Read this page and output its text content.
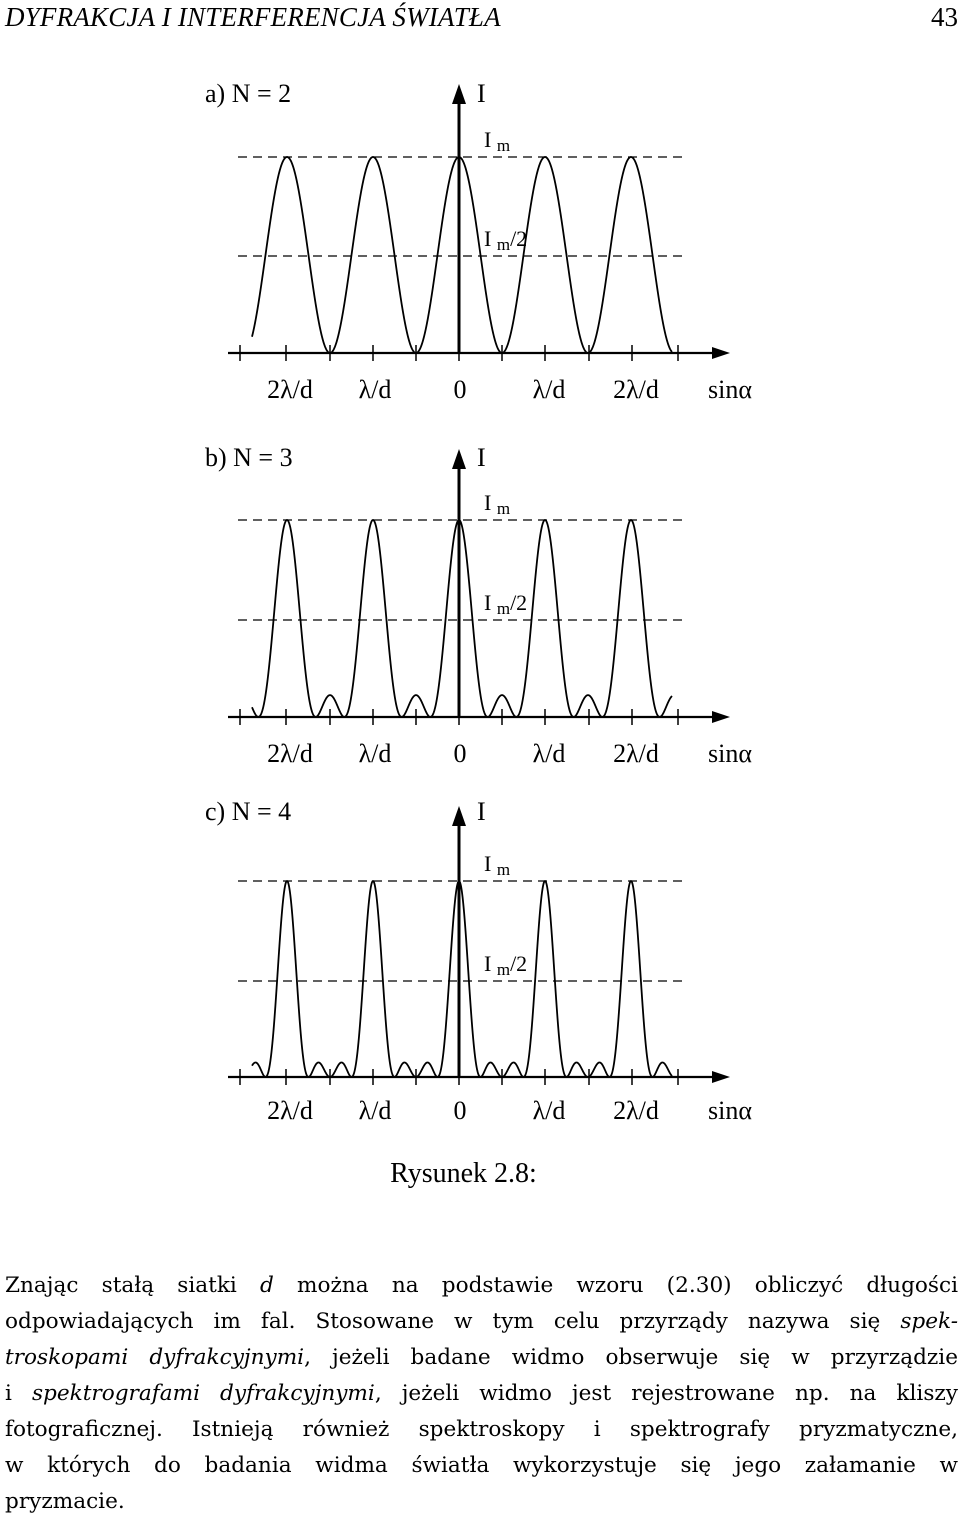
DYFRAKCJA I INTERFERENCJA ŚWIATŁA	43
a) N = 2	I
I m
I m/2
2λ/d λ/d 0	λ/d 2λ/d sinα
b) N = 3	I
I m
I m/2
2λ/d λ/d 0	λ/d 2λ/d sinα
c) N = 4	I
I m
I m/2
2λ/d λ/d 0	λ/d 2λ/d sinα
Rysunek 2.8:
Znając stałą siatki d można na podstawie wzoru (2.30) obliczyć długości
odpowiadających im fal. Stosowane w tym celu przyrządy nazywa się spek-
troskopami dyfrakcyjnymi, jeżeli badane widmo obserwuje się w przyrządzie
i spektrografami dyfrakcyjnymi, jeżeli widmo jest rejestrowane np. na kliszy
fotograficznej. Istnieją również spektroskopy i spektrografy pryzmatyczne,
w których do badania widma światła wykorzystuje się jego załamanie w
pryzmacie.
